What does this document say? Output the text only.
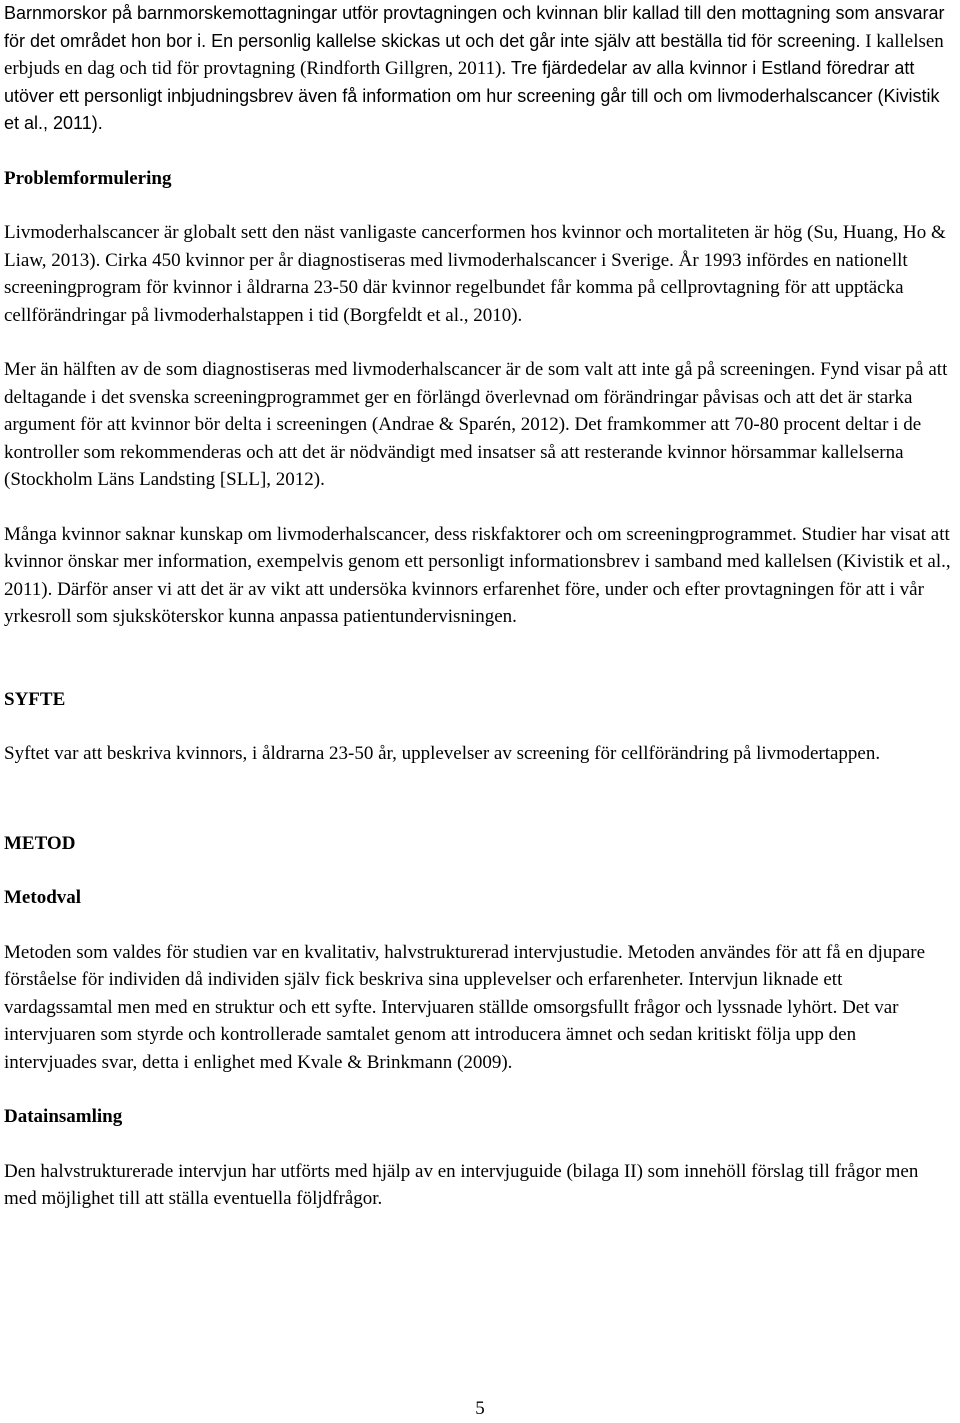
Barnmorskor på barnmorskemottagningar utför provtagningen och kvinnan blir kallad till den mottagning som ansvarar för det området hon bor i. En personlig kallelse skickas ut och det går inte själv att beställa tid för screening. I kallelsen erbjuds en dag och tid för provtagning (Rindforth Gillgren, 2011). Tre fjärdedelar av alla kvinnor i Estland föredrar att utöver ett personligt inbjudningsbrev även få information om hur screening går till och om livmoderhalscancer (Kivistik et al., 2011).

Problemformulering

Livmoderhalscancer är globalt sett den näst vanligaste cancerformen hos kvinnor och mortaliteten är hög (Su, Huang, Ho & Liaw, 2013). Cirka 450 kvinnor per år diagnostiseras med livmoderhalscancer i Sverige. År 1993 infördes en nationellt screeningprogram för kvinnor i åldrarna 23-50 där kvinnor regelbundet får komma på cellprovtagning för att upptäcka cellförändringar på livmoderhalstappen i tid (Borgfeldt et al., 2010).

Mer än hälften av de som diagnostiseras med livmoderhalscancer är de som valt att inte gå på screeningen. Fynd visar på att deltagande i det svenska screeningprogrammet ger en förlängd överlevnad om förändringar påvisas och att det är starka argument för att kvinnor bör delta i screeningen (Andrae & Sparén, 2012). Det framkommer att 70-80 procent deltar i de kontroller som rekommenderas och att det är nödvändigt med insatser så att resterande kvinnor hörsammar kallelserna (Stockholm Läns Landsting [SLL], 2012).

Många kvinnor saknar kunskap om livmoderhalscancer, dess riskfaktorer och om screeningprogrammet. Studier har visat att kvinnor önskar mer information, exempelvis genom ett personligt informationsbrev i samband med kallelsen (Kivistik et al., 2011). Därför anser vi att det är av vikt att undersöka kvinnors erfarenhet före, under och efter provtagningen för att i vår yrkesroll som sjuksköterskor kunna anpassa patientundervisningen.

SYFTE

Syftet var att beskriva kvinnors, i åldrarna 23-50 år, upplevelser av screening för cellförändring på livmodertappen.

METOD

Metodval

Metoden som valdes för studien var en kvalitativ, halvstrukturerad intervjustudie. Metoden användes för att få en djupare förståelse för individen då individen själv fick beskriva sina upplevelser och erfarenheter. Intervjun liknade ett vardagssamtal men med en struktur och ett syfte. Intervjuaren ställde omsorgsfullt frågor och lyssnade lyhört. Det var intervjuaren som styrde och kontrollerade samtalet genom att introducera ämnet och sedan kritiskt följa upp den intervjuades svar, detta i enlighet med Kvale & Brinkmann (2009).

Datainsamling

Den halvstrukturerade intervjun har utförts med hjälp av en intervjuguide (bilaga II) som innehöll förslag till frågor men med möjlighet till att ställa eventuella följdfrågor.

5
